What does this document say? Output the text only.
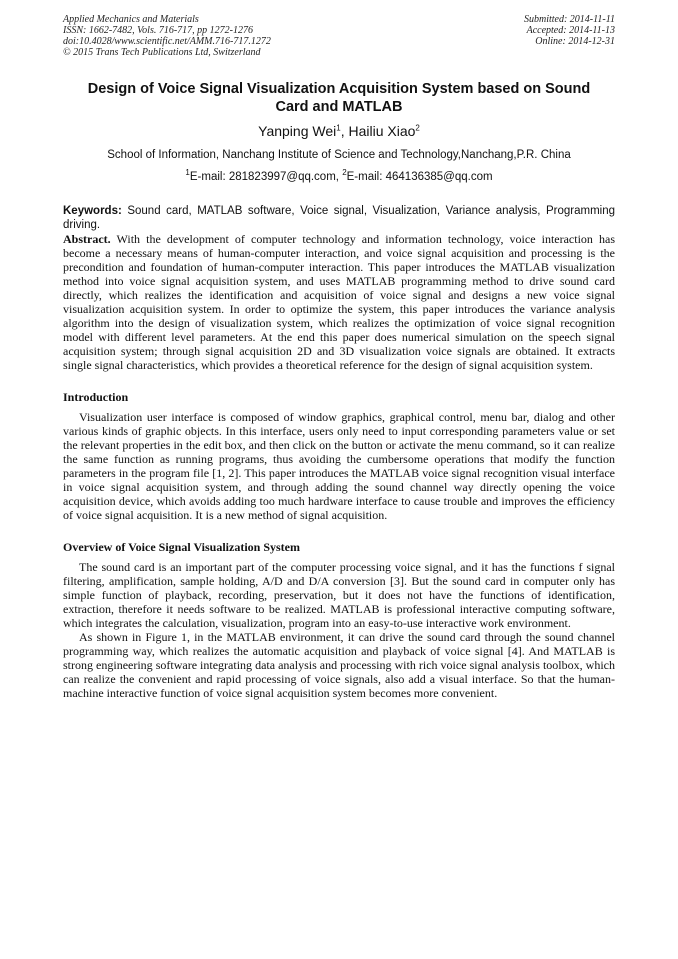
Applied Mechanics and Materials
ISSN: 1662-7482, Vols. 716-717, pp 1272-1276
doi:10.4028/www.scientific.net/AMM.716-717.1272
© 2015 Trans Tech Publications Ltd, Switzerland
Submitted: 2014-11-11
Accepted: 2014-11-13
Online: 2014-12-31
Design of Voice Signal Visualization Acquisition System based on Sound Card and MATLAB
Yanping Wei$^1$, Hailiu Xiao$^2$
School of Information, Nanchang Institute of Science and Technology,Nanchang,P.R. China
$^1$E-mail: 281823997@qq.com, $^2$E-mail: 464136385@qq.com
Keywords: Sound card, MATLAB software, Voice signal, Visualization, Variance analysis, Programming driving.

Abstract. With the development of computer technology and information technology, voice interaction has become a necessary means of human-computer interaction, and voice signal acquisition and processing is the precondition and foundation of human-computer interaction. This paper introduces the MATLAB visualization method into voice signal acquisition system, and uses MATLAB programming method to drive sound card directly, which realizes the identification and acquisition of voice signal and designs a new voice signal visualization acquisition system. In order to optimize the system, this paper introduces the variance analysis algorithm into the design of visualization system, which realizes the optimization of voice signal recognition model with different level parameters. At the end this paper does numerical simulation on the speech signal acquisition system; through signal acquisition 2D and 3D visualization voice signals are obtained. It extracts single signal characteristics, which provides a theoretical reference for the design of signal acquisition system.

Introduction

Visualization user interface is composed of window graphics, graphical control, menu bar, dialog and other various kinds of graphic objects. In this interface, users only need to input corresponding parameters value or set the relevant properties in the edit box, and then click on the button or activate the menu command, so it can realize the same function as running programs, thus avoiding the cumbersome operations that modify the function parameters in the program file [1, 2]. This paper introduces the MATLAB voice signal recognition visual interface in voice signal acquisition system, and through adding the sound channel way directly opening the voice acquisition device, which avoids adding too much hardware interface to cause trouble and improves the efficiency of voice signal acquisition. It is a new method of signal acquisition.

Overview of Voice Signal Visualization System

The sound card is an important part of the computer processing voice signal, and it has the functions f signal filtering, amplification, sample holding, A/D and D/A conversion [3]. But the sound card in computer only has simple function of playback, recording, preservation, but it does not have the functions of identification, extraction, therefore it needs software to be realized. MATLAB is professional interactive computing software, which integrates the calculation, visualization, program into an easy-to-use interactive work environment.

As shown in Figure 1, in the MATLAB environment, it can drive the sound card through the sound channel programming way, which realizes the automatic acquisition and playback of voice signal [4]. And MATLAB is strong engineering software integrating data analysis and processing with rich voice signal analysis toolbox, which can realize the convenient and rapid processing of voice signals, also add a visual interface. So that the human-machine interactive function of voice signal acquisition system becomes more convenient.
